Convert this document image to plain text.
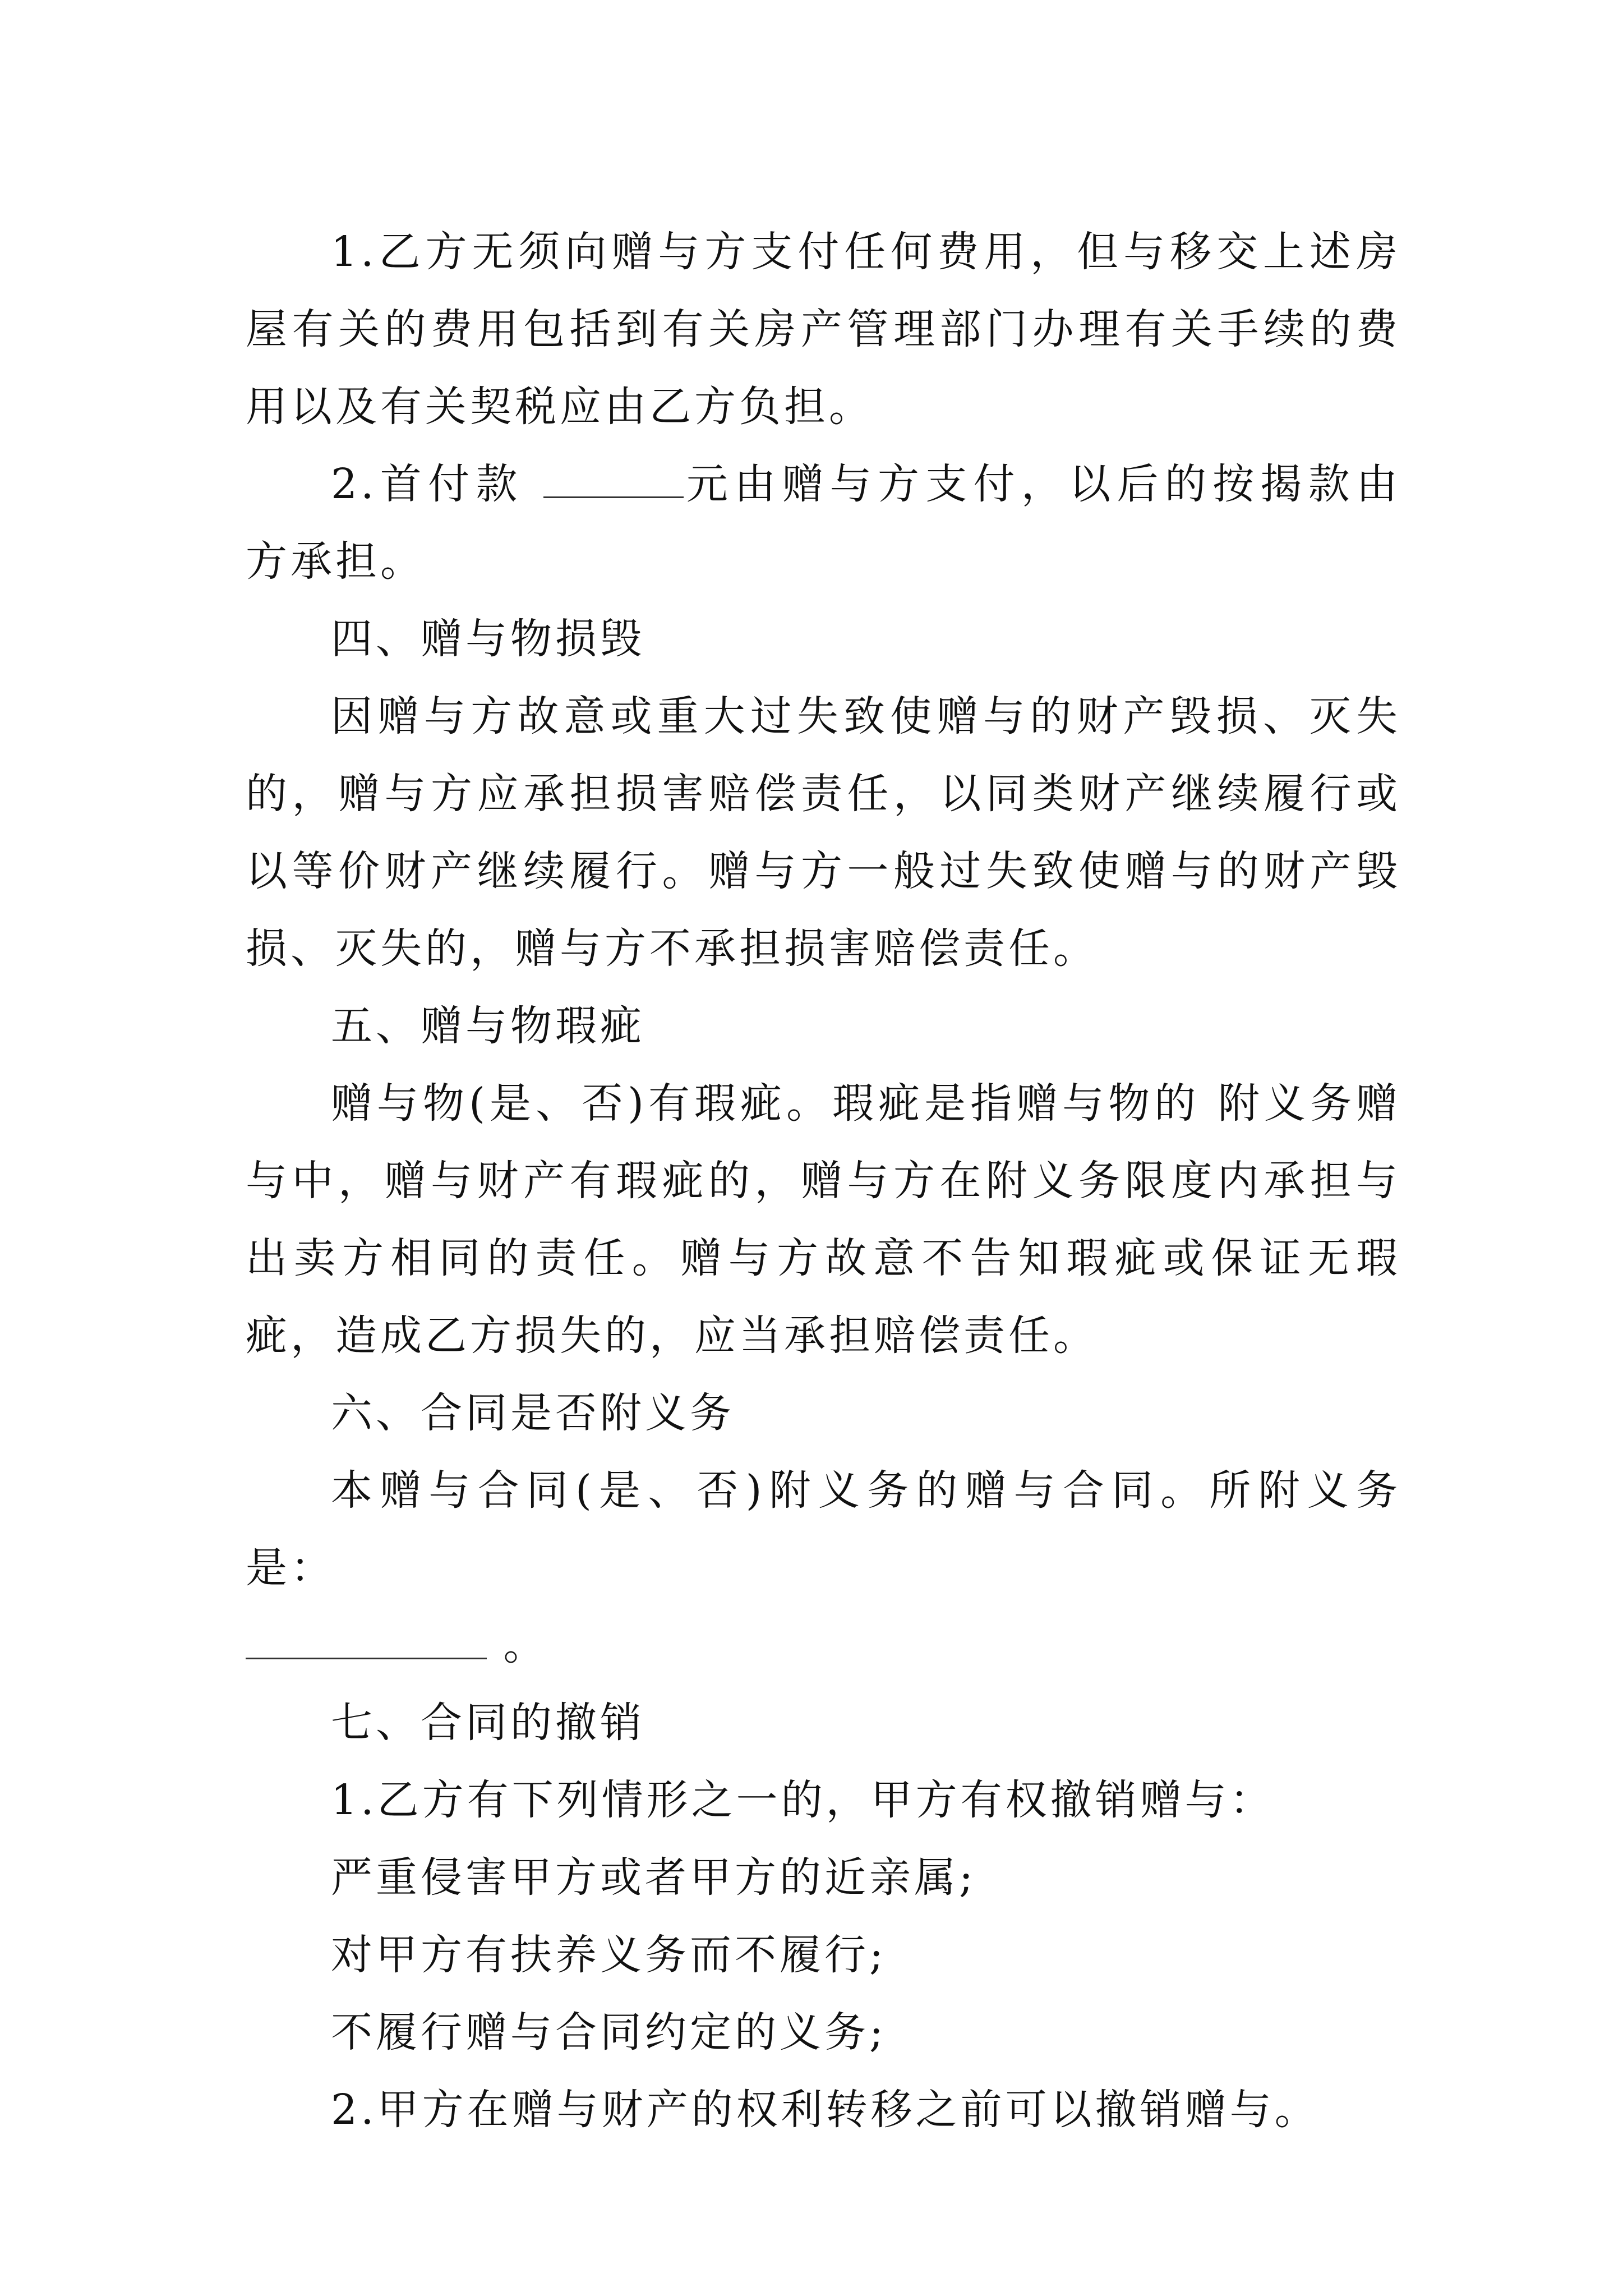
1.乙方无须向赠与方支付任何费用，但与移交上述房屋有关的费用包括到有关房产管理部门办理有关手续的费用以及有关契税应由乙方负担。

2.首付款	元由赠与方支付，以后的按揭款由 方承担。

四、赠与物损毁

因赠与方故意或重大过失致使赠与的财产毁损、灭失的，赠与方应承担损害赔偿责任，以同类财产继续履行或以等价财产继续履行。赠与方一般过失致使赠与的财产毁损、灭失的，赠与方不承担损害赔偿责任。

五、赠与物瑕疵

赠与物(是、否)有瑕疵。瑕疵是指赠与物的 附义务赠与中，赠与财产有瑕疵的，赠与方在附义务限度内承担与出卖方相同的责任。赠与方故意不告知瑕疵或保证无瑕疵，造成乙方损失的，应当承担赔偿责任。

六、合同是否附义务

本赠与合同(是、否)附义务的赠与合同。所附义务是：

。

七、合同的撤销

1.乙方有下列情形之一的，甲方有权撤销赠与：

严重侵害甲方或者甲方的近亲属;

对甲方有扶养义务而不履行;

不履行赠与合同约定的义务;

2.甲方在赠与财产的权利转移之前可以撤销赠与。
